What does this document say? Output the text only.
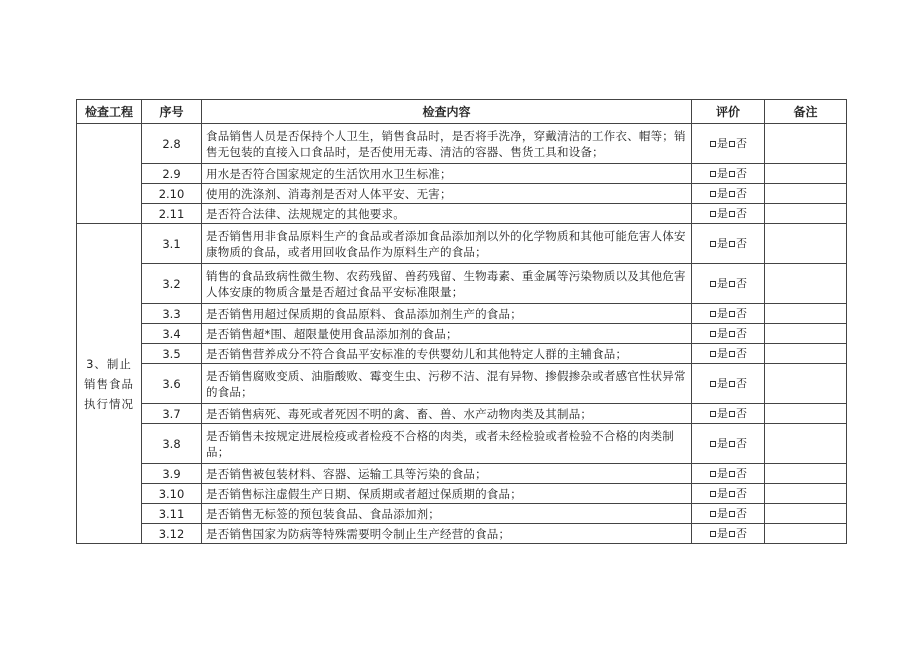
检查工程	序号	检查内容	评价	备注
	2.8	食品销售人员是否保持个人卫生，销售食品时，是否将手洗净，穿戴清洁的工作衣、帽等；销售无包装的直接入口食品时，是否使用无毒、清洁的容器、售货工具和设备；	是 否	
	2.9	用水是否符合国家规定的生活饮用水卫生标准；	是 否	
	2.10	使用的洗涤剂、消毒剂是否对人体平安、无害；	是 否	
	2.11	是否符合法律、法规规定的其他要求。	是 否	
3、制止销售食品执行情况	3.1	是否销售用非食品原料生产的食品或者添加食品添加剂以外的化学物质和其他可能危害人体安康物质的食品，或者用回收食品作为原料生产的食品；	是 否	
	3.2	销售的食品致病性微生物、农药残留、兽药残留、生物毒素、重金属等污染物质以及其他危害人体安康的物质含量是否超过食品平安标准限量；	是 否	
	3.3	是否销售用超过保质期的食品原料、食品添加剂生产的食品；	是 否	
	3.4	是否销售超*围、超限量使用食品添加剂的食品；	是 否	
	3.5	是否销售营养成分不符合食品平安标准的专供婴幼儿和其他特定人群的主辅食品；	是 否	
	3.6	是否销售腐败变质、油脂酸败、霉变生虫、污秽不洁、混有异物、掺假掺杂或者感官性状异常的食品；	是 否	
	3.7	是否销售病死、毒死或者死因不明的禽、畜、兽、水产动物肉类及其制品；	是 否	
	3.8	是否销售未按规定进展检疫或者检疫不合格的肉类，或者未经检验或者检验不合格的肉类制品；	是 否	
	3.9	是否销售被包装材料、容器、运输工具等污染的食品；	是 否	
	3.10	是否销售标注虚假生产日期、保质期或者超过保质期的食品；	是 否	
	3.11	是否销售无标签的预包装食品、食品添加剂；	是 否	
	3.12	是否销售国家为防病等特殊需要明令制止生产经营的食品；	是 否	
